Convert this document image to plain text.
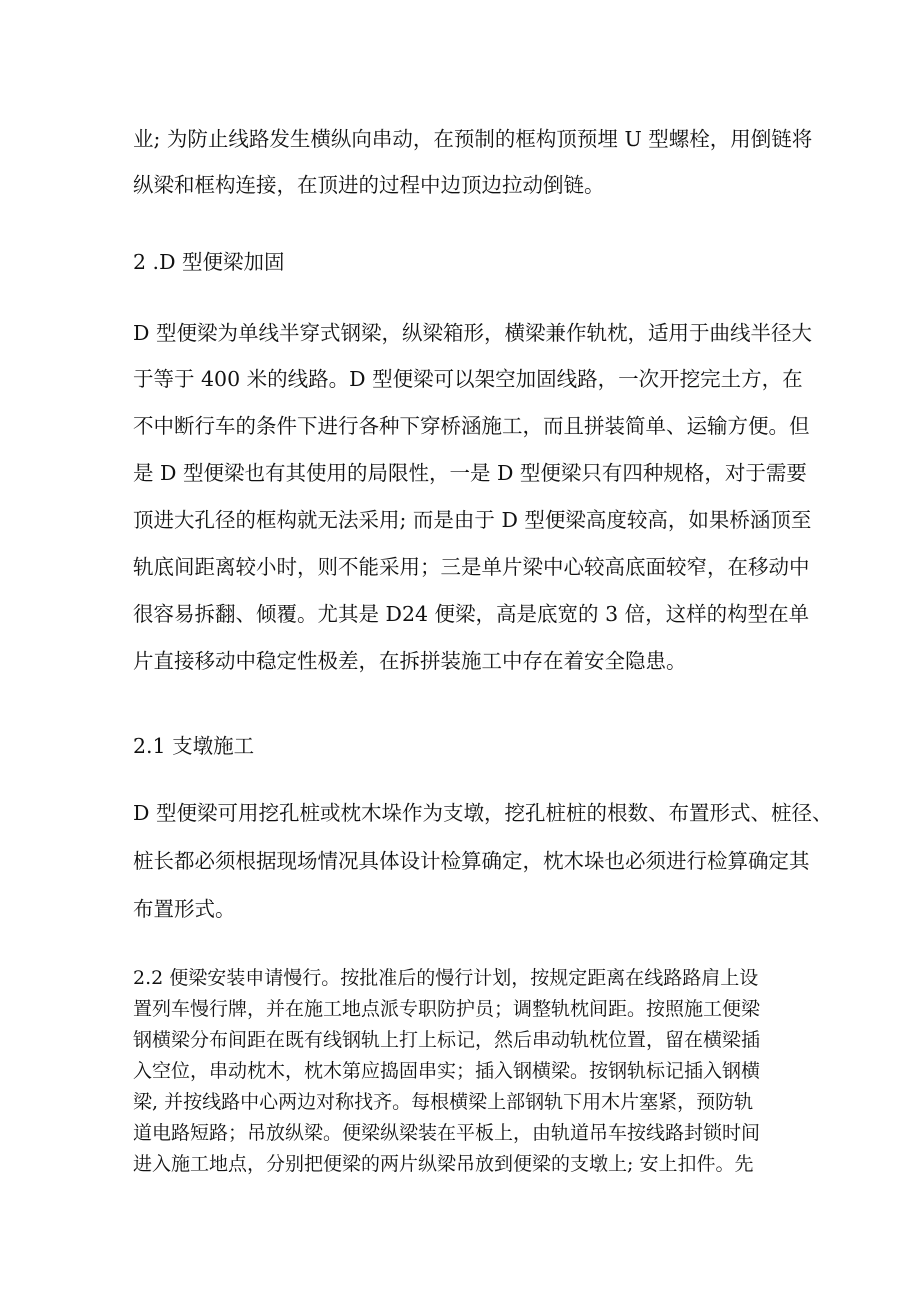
业; 为防止线路发生横纵向串动，在预制的框构顶预埋 U 型螺栓，用倒链将
纵梁和框构连接，在顶进的过程中边顶边拉动倒链。
2 .D 型便梁加固
D 型便梁为单线半穿式钢梁，纵梁箱形，横梁兼作轨枕，适用于曲线半径大
于等于 400 米的线路。D 型便梁可以架空加固线路，一次开挖完土方，在
不中断行车的条件下进行各种下穿桥涵施工，而且拼装简单、运输方便。但
是 D 型便梁也有其使用的局限性，一是 D 型便梁只有四种规格，对于需要
顶进大孔径的框构就无法采用; 而是由于 D 型便梁高度较高，如果桥涵顶至
轨底间距离较小时，则不能采用；三是单片梁中心较高底面较窄，在移动中
很容易拆翻、倾覆。尤其是 D24 便梁，高是底宽的 3 倍，这样的构型在单
片直接移动中稳定性极差，在拆拼装施工中存在着安全隐患。
2.1 支墩施工
D 型便梁可用挖孔桩或枕木垛作为支墩，挖孔桩桩的根数、布置形式、桩径、
桩长都必须根据现场情况具体设计检算确定，枕木垛也必须进行检算确定其
布置形式。
2.2 便梁安装申请慢行。按批准后的慢行计划，按规定距离在线路路肩上设
置列车慢行牌，并在施工地点派专职防护员；调整轨枕间距。按照施工便梁
钢横梁分布间距在既有线钢轨上打上标记，然后串动轨枕位置，留在横梁插
入空位，串动枕木，枕木第应捣固串实；插入钢横梁。按钢轨标记插入钢横
梁, 并按线路中心两边对称找齐。每根横梁上部钢轨下用木片塞紧，预防轨
道电路短路；吊放纵梁。便梁纵梁装在平板上，由轨道吊车按线路封锁时间
进入施工地点，分别把便梁的两片纵梁吊放到便梁的支墩上; 安上扣件。先
